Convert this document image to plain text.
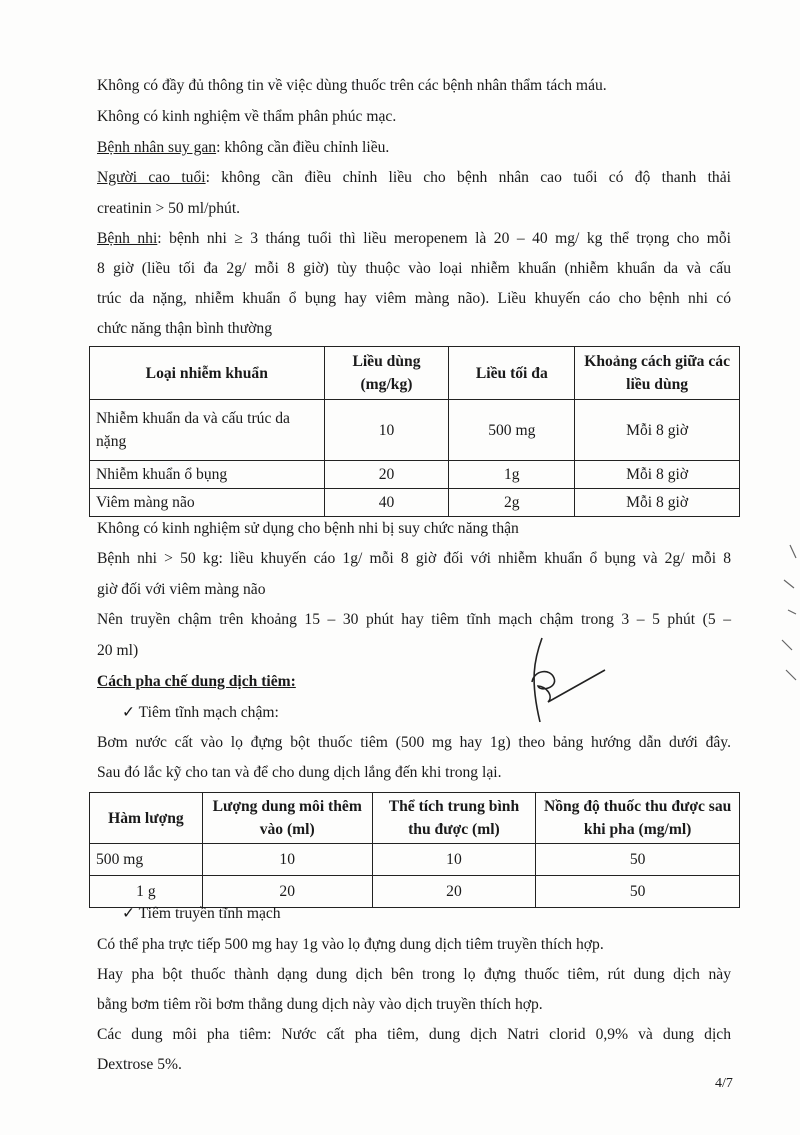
Không có đầy đủ thông tin về việc dùng thuốc trên các bệnh nhân thẩm tách máu.
Không có kinh nghiệm về thẩm phân phúc mạc.
Bệnh nhân suy gan: không cần điều chỉnh liều.
Người cao tuổi: không cần điều chỉnh liều cho bệnh nhân cao tuổi có độ thanh thải
creatinin > 50 ml/phút.
Bệnh nhi: bệnh nhi ≥ 3 tháng tuổi thì liều meropenem là 20 – 40 mg/ kg thể trọng cho mỗi
8 giờ (liều tối đa 2g/ mỗi 8 giờ) tùy thuộc vào loại nhiễm khuẩn (nhiễm khuẩn da và cấu
trúc da nặng, nhiễm khuẩn ổ bụng hay viêm màng não). Liều khuyến cáo cho bệnh nhi có
chức năng thận bình thường
Loại nhiễm khuẩn	Liều dùng (mg/kg)	Liều tối đa	Khoảng cách giữa các liều dùng
Nhiễm khuẩn da và cấu trúc da nặng	10	500 mg	Mỗi 8 giờ
Nhiễm khuẩn ổ bụng	20	1g	Mỗi 8 giờ
Viêm màng não	40	2g	Mỗi 8 giờ
Không có kinh nghiệm sử dụng cho bệnh nhi bị suy chức năng thận
Bệnh nhi > 50 kg: liều khuyến cáo 1g/ mỗi 8 giờ đối với nhiễm khuẩn ổ bụng và 2g/ mỗi 8
giờ đối với viêm màng não
Nên truyền chậm trên khoảng 15 – 30 phút hay tiêm tĩnh mạch chậm trong 3 – 5 phút (5 –
20 ml)
Cách pha chế dung dịch tiêm:
✓ Tiêm tĩnh mạch chậm:
Bơm nước cất vào lọ đựng bột thuốc tiêm (500 mg hay 1g) theo bảng hướng dẫn dưới đây.
Sau đó lắc kỹ cho tan và để cho dung dịch lắng đến khi trong lại.
Hàm lượng	Lượng dung môi thêm vào (ml)	Thể tích trung bình thu được (ml)	Nồng độ thuốc thu được sau khi pha (mg/ml)
500 mg	10	10	50
1 g	20	20	50
✓ Tiêm truyền tĩnh mạch
Có thể pha trực tiếp 500 mg hay 1g vào lọ đựng dung dịch tiêm truyền thích hợp.
Hay pha bột thuốc thành dạng dung dịch bên trong lọ đựng thuốc tiêm, rút dung dịch này
bằng bơm tiêm rồi bơm thẳng dung dịch này vào dịch truyền thích hợp.
Các dung môi pha tiêm: Nước cất pha tiêm, dung dịch Natri clorid 0,9% và dung dịch
Dextrose 5%.
4/7
